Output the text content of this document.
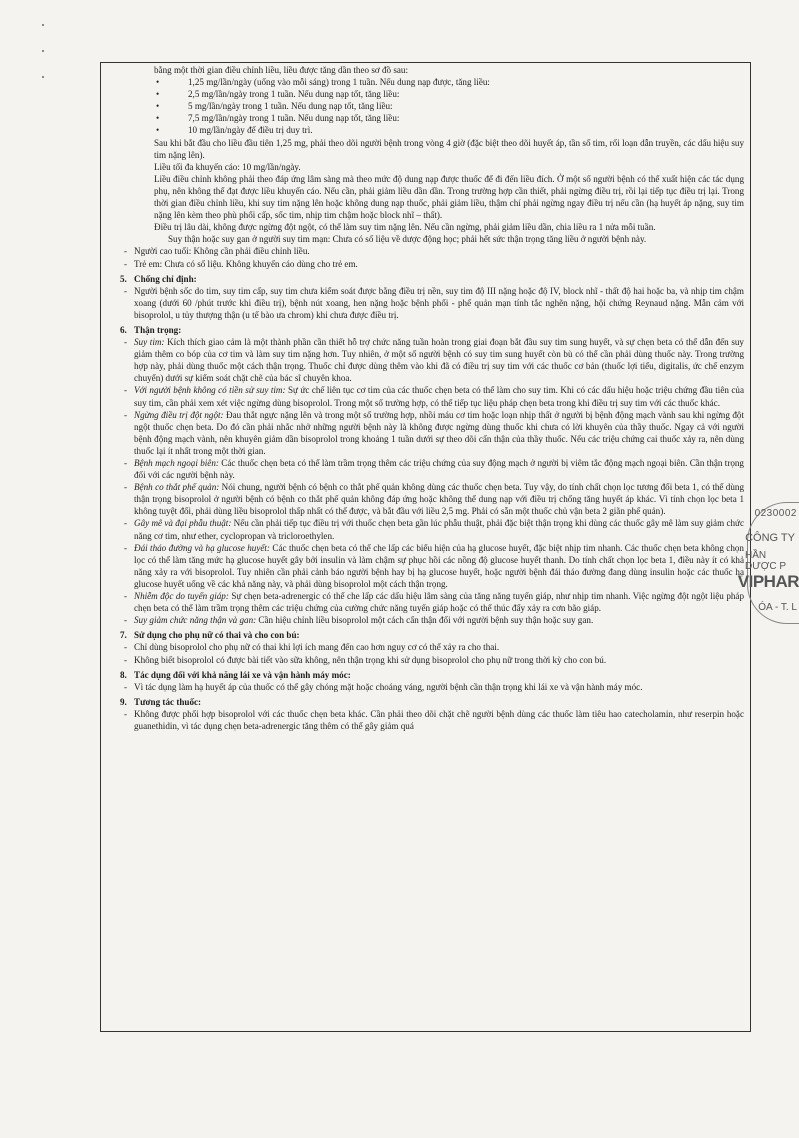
bằng một thời gian điều chỉnh liều, liều được tăng dần theo sơ đồ sau:

• 1,25 mg/lần/ngày (uống vào mỗi sáng) trong 1 tuần. Nếu dung nạp được, tăng liều:

• 2,5 mg/lần/ngày trong 1 tuần. Nếu dung nạp tốt, tăng liều:

• 5 mg/lần/ngày trong 1 tuần. Nếu dung nạp tốt, tăng liều:

• 7,5 mg/lần/ngày trong 1 tuần. Nếu dung nạp tốt, tăng liều:

• 10 mg/lần/ngày để điều trị duy trì.

Sau khi bắt đầu cho liều đầu tiên 1,25 mg, phải theo dõi người bệnh trong vòng 4 giờ (đặc biệt theo dõi huyết áp, tần số tim, rối loạn dẫn truyền, các dấu hiệu suy tim nặng lên).

Liều tối đa khuyến cáo: 10 mg/lần/ngày.

Liều điều chỉnh không phải theo đáp ứng lâm sàng mà theo mức độ dung nạp được thuốc để đi đến liều đích. Ở một số người bệnh có thể xuất hiện các tác dụng phụ, nên không thể đạt được liều khuyến cáo. Nếu cần, phải giảm liều dần dần. Trong trường hợp cần thiết, phải ngừng điều trị, rồi lại tiếp tục điều trị lại. Trong thời gian điều chỉnh liều, khi suy tim nặng lên hoặc không dung nạp thuốc, phải giảm liều, thậm chí phải ngừng ngay điều trị nếu cần (hạ huyết áp nặng, suy tim nặng lên kèm theo phù phổi cấp, sốc tim, nhịp tim chậm hoặc block nhĩ – thất).

Điều trị lâu dài, không được ngừng đột ngột, có thể làm suy tim nặng lên. Nếu cần ngừng, phải giảm liều dần, chia liều ra 1 nửa mỗi tuần.

Suy thận hoặc suy gan ở người suy tim mạn: Chưa có số liệu về dược động học; phải hết sức thận trọng tăng liều ở người bệnh này.

- Người cao tuổi: Không cần phải điều chỉnh liều.

- Trẻ em: Chưa có số liệu. Không khuyến cáo dùng cho trẻ em.

5. Chống chỉ định:

- Người bệnh sốc do tim, suy tim cấp, suy tim chưa kiểm soát được bằng điều trị nền, suy tim độ III nặng hoặc độ IV, block nhĩ - thất độ hai hoặc ba, và nhịp tim chậm xoang (dưới 60 /phút trước khi điều trị), bệnh nút xoang, hen nặng hoặc bệnh phổi - phế quản mạn tính tắc nghẽn nặng, hội chứng Reynaud nặng. Mẫn cảm với bisoprolol, u tủy thượng thận (u tế bào ưa chrom) khi chưa được điều trị.

6. Thận trọng:

- Suy tim: Kích thích giao cảm là một thành phần cần thiết hỗ trợ chức năng tuần hoàn trong giai đoạn bắt đầu suy tim sung huyết, và sự chẹn beta có thể dẫn đến suy giảm thêm co bóp của cơ tim và làm suy tim nặng hơn. Tuy nhiên, ở một số người bệnh có suy tim sung huyết còn bù có thể cần phải dùng thuốc này. Trong trường hợp này, phải dùng thuốc một cách thận trọng. Thuốc chỉ được dùng thêm vào khi đã có điều trị suy tim với các thuốc cơ bản (thuốc lợi tiểu, digitalis, ức chế enzym chuyển) dưới sự kiểm soát chặt chẽ của bác sĩ chuyên khoa.

- Với người bệnh không có tiền sử suy tim: Sự ức chế liên tục cơ tim của các thuốc chẹn beta có thể làm cho suy tim. Khi có các dấu hiệu hoặc triệu chứng đầu tiên của suy tim, cần phải xem xét việc ngừng dùng bisoprolol. Trong một số trường hợp, có thể tiếp tục liệu pháp chẹn beta trong khi điều trị suy tim với các thuốc khác.

- Ngừng điều trị đột ngột: Đau thắt ngực nặng lên và trong một số trường hợp, nhồi máu cơ tim hoặc loạn nhịp thất ở người bị bệnh động mạch vành sau khi ngừng đột ngột thuốc chẹn beta. Do đó cần phải nhắc nhở những người bệnh này là không được ngừng dùng thuốc khi chưa có lời khuyên của thầy thuốc. Ngay cả với người bệnh động mạch vành, nên khuyên giảm dần bisoprolol trong khoảng 1 tuần dưới sự theo dõi cẩn thận của thầy thuốc. Nếu các triệu chứng cai thuốc xảy ra, nên dùng thuốc lại ít nhất trong một thời gian.

- Bệnh mạch ngoại biên: Các thuốc chẹn beta có thể làm trầm trọng thêm các triệu chứng của suy động mạch ở người bị viêm tắc động mạch ngoại biên. Cần thận trọng đối với các người bệnh này.

- Bệnh co thắt phế quản: Nói chung, người bệnh có bệnh co thắt phế quản không dùng các thuốc chẹn beta. Tuy vậy, do tính chất chọn lọc tương đối beta 1, có thể dùng thận trọng bisoprolol ở người bệnh có bệnh co thắt phế quản không đáp ứng hoặc không thể dung nạp với điều trị chống tăng huyết áp khác. Vì tính chọn lọc beta 1 không tuyệt đối, phải dùng liều bisoprolol thấp nhất có thể được, và bắt đầu với liều 2,5 mg. Phải có sẵn một thuốc chủ vận beta 2 giãn phế quản).

- Gây mê và đại phẫu thuật: Nếu cần phải tiếp tục điều trị với thuốc chẹn beta gần lúc phẫu thuật, phải đặc biệt thận trọng khi dùng các thuốc gây mê làm suy giảm chức năng cơ tim, như ether, cyclopropan và tricloroethylen.

- Đái tháo đường và hạ glucose huyết: Các thuốc chẹn beta có thể che lấp các biểu hiện của hạ glucose huyết, đặc biệt nhịp tim nhanh. Các thuốc chẹn beta không chọn lọc có thể làm tăng mức hạ glucose huyết gây bởi insulin và làm chậm sự phục hồi các nồng độ glucose huyết thanh. Do tính chất chọn lọc beta 1, điều này ít có khả năng xảy ra với bisoprolol. Tuy nhiên cần phải cảnh báo người bệnh hay bị hạ glucose huyết, hoặc người bệnh đái tháo đường đang dùng insulin hoặc các thuốc hạ glucose huyết uống về các khả năng này, và phải dùng bisoprolol một cách thận trọng.

- Nhiễm độc do tuyến giáp: Sự chẹn beta-adrenergic có thể che lấp các dấu hiệu lâm sàng của tăng năng tuyến giáp, như nhịp tim nhanh. Việc ngừng đột ngột liệu pháp chẹn beta có thể làm trầm trọng thêm các triệu chứng của cường chức năng tuyến giáp hoặc có thể thúc đẩy xảy ra cơn bão giáp.

- Suy giảm chức năng thận và gan: Cần hiệu chỉnh liều bisoprolol một cách cẩn thận đối với người bệnh suy thận hoặc suy gan.

7. Sử dụng cho phụ nữ có thai và cho con bú:

- Chỉ dùng bisoprolol cho phụ nữ có thai khi lợi ích mang đến cao hơn nguy cơ có thể xảy ra cho thai.

- Không biết bisoprolol có được bài tiết vào sữa không, nên thận trọng khi sử dụng bisoprolol cho phụ nữ trong thời kỳ cho con bú.

8. Tác dụng đối với khả năng lái xe và vận hành máy móc:

- Vì tác dụng làm hạ huyết áp của thuốc có thể gây chóng mặt hoặc choáng váng, người bệnh cần thận trọng khi lái xe và vận hành máy móc.

9. Tương tác thuốc:

- Không được phối hợp bisoprolol với các thuốc chẹn beta khác. Cần phải theo dõi chặt chẽ người bệnh dùng các thuốc làm tiêu hao catecholamin, như reserpin hoặc guanethidin, vì tác dụng chẹn beta-adrenergic tăng thêm có thể gây giảm quá

0230002
CÔNG TY
HẦN DƯỢC P
VIPHAR
ÓA - T. L
